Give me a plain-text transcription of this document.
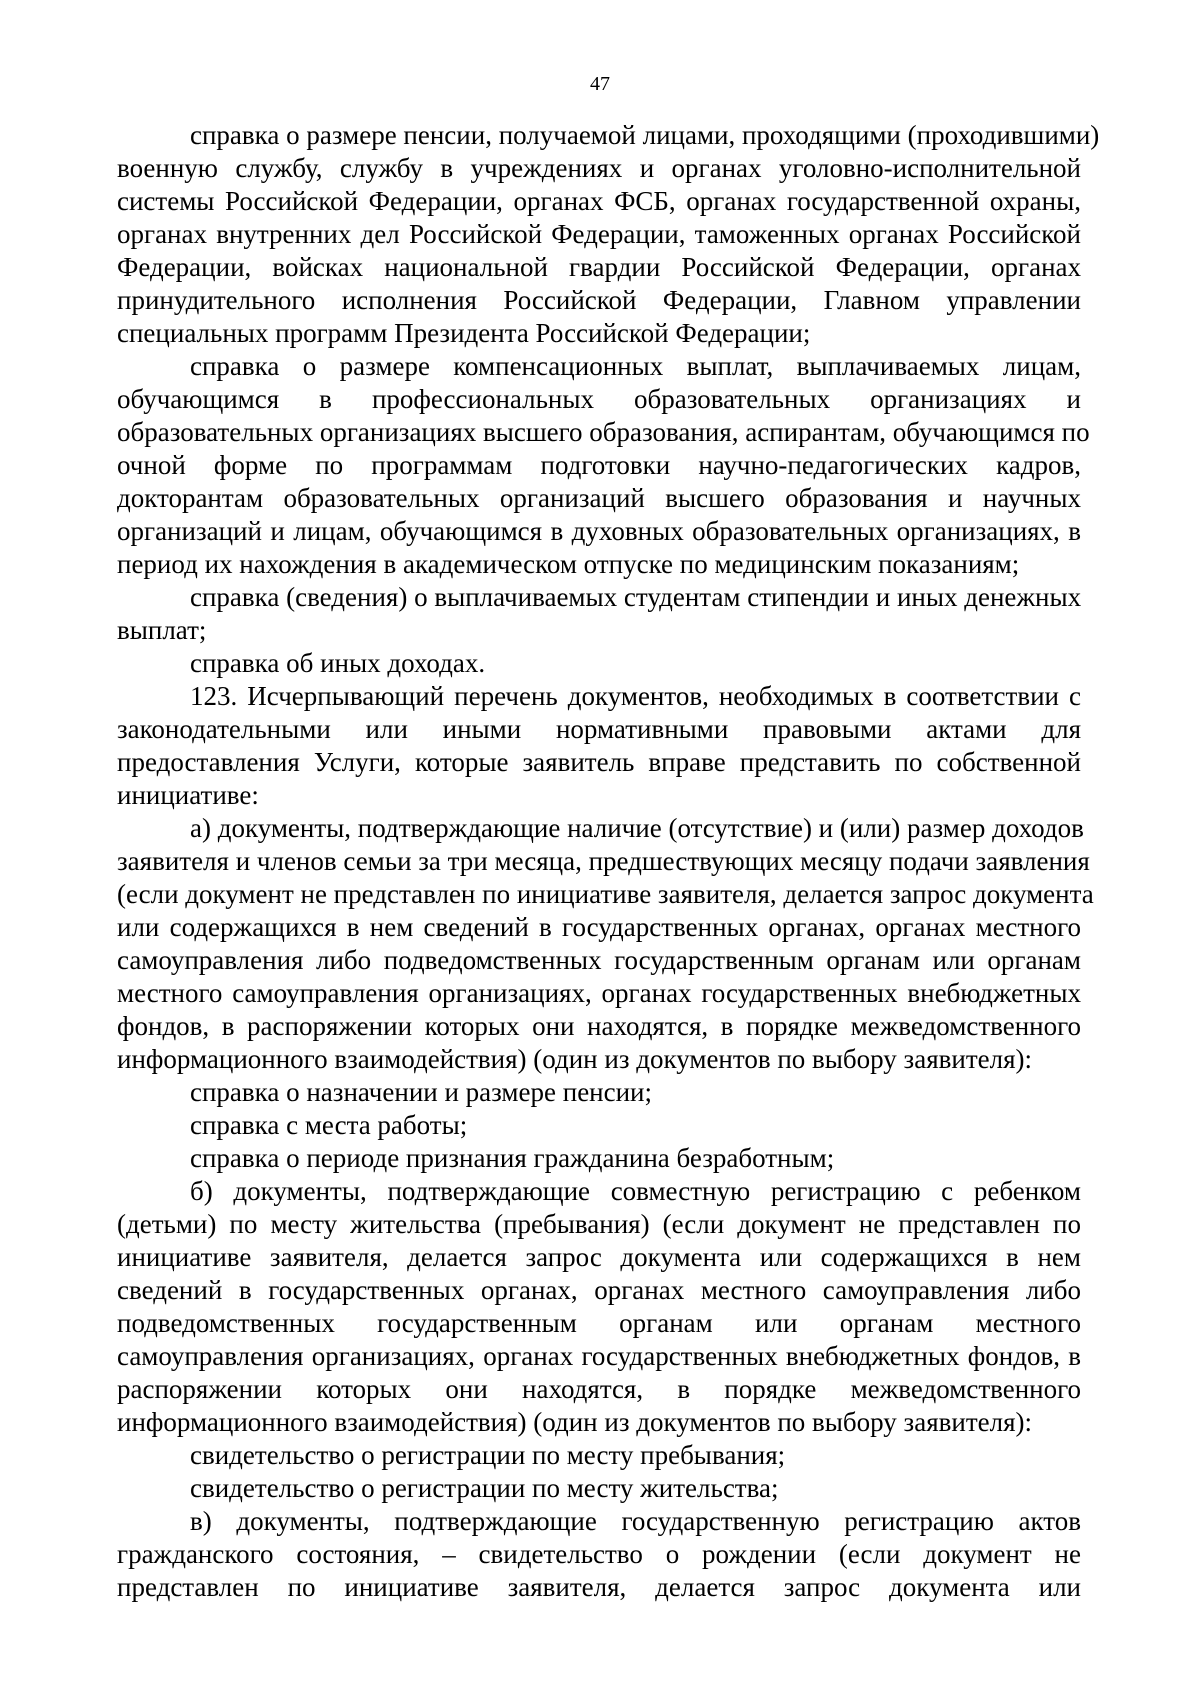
47
справка о размере пенсии, получаемой лицами, проходящими (проходившими)
военную службу, службу в учреждениях и органах уголовно-исполнительной
системы Российской Федерации, органах ФСБ, органах государственной охраны,
органах внутренних дел Российской Федерации, таможенных органах Российской
Федерации, войсках национальной гвардии Российской Федерации, органах
принудительного исполнения Российской Федерации, Главном управлении
специальных программ Президента Российской Федерации;
справка о размере компенсационных выплат, выплачиваемых лицам,
обучающимся в профессиональных образовательных организациях и
образовательных организациях высшего образования, аспирантам, обучающимся по
очной форме по программам подготовки научно-педагогических кадров,
докторантам образовательных организаций высшего образования и научных
организаций и лицам, обучающимся в духовных образовательных организациях, в
период их нахождения в академическом отпуске по медицинским показаниям;
справка (сведения) о выплачиваемых студентам стипендии и иных денежных
выплат;
справка об иных доходах.
123. Исчерпывающий перечень документов, необходимых в соответствии с
законодательными или иными нормативными правовыми актами для
предоставления Услуги, которые заявитель вправе представить по собственной
инициативе:
а) документы, подтверждающие наличие (отсутствие) и (или) размер доходов
заявителя и членов семьи за три месяца, предшествующих месяцу подачи заявления
(если документ не представлен по инициативе заявителя, делается запрос документа
или содержащихся в нем сведений в государственных органах, органах местного
самоуправления либо подведомственных государственным органам или органам
местного самоуправления организациях, органах государственных внебюджетных
фондов, в распоряжении которых они находятся, в порядке межведомственного
информационного взаимодействия) (один из документов по выбору заявителя):
справка о назначении и размере пенсии;
справка с места работы;
справка о периоде признания гражданина безработным;
б) документы, подтверждающие совместную регистрацию с ребенком
(детьми) по месту жительства (пребывания) (если документ не представлен по
инициативе заявителя, делается запрос документа или содержащихся в нем
сведений в государственных органах, органах местного самоуправления либо
подведомственных государственным органам или органам местного
самоуправления организациях, органах государственных внебюджетных фондов, в
распоряжении которых они находятся, в порядке межведомственного
информационного взаимодействия) (один из документов по выбору заявителя):
свидетельство о регистрации по месту пребывания;
свидетельство о регистрации по месту жительства;
в) документы, подтверждающие государственную регистрацию актов
гражданского состояния, – свидетельство о рождении (если документ не
представлен по инициативе заявителя, делается запрос документа или
